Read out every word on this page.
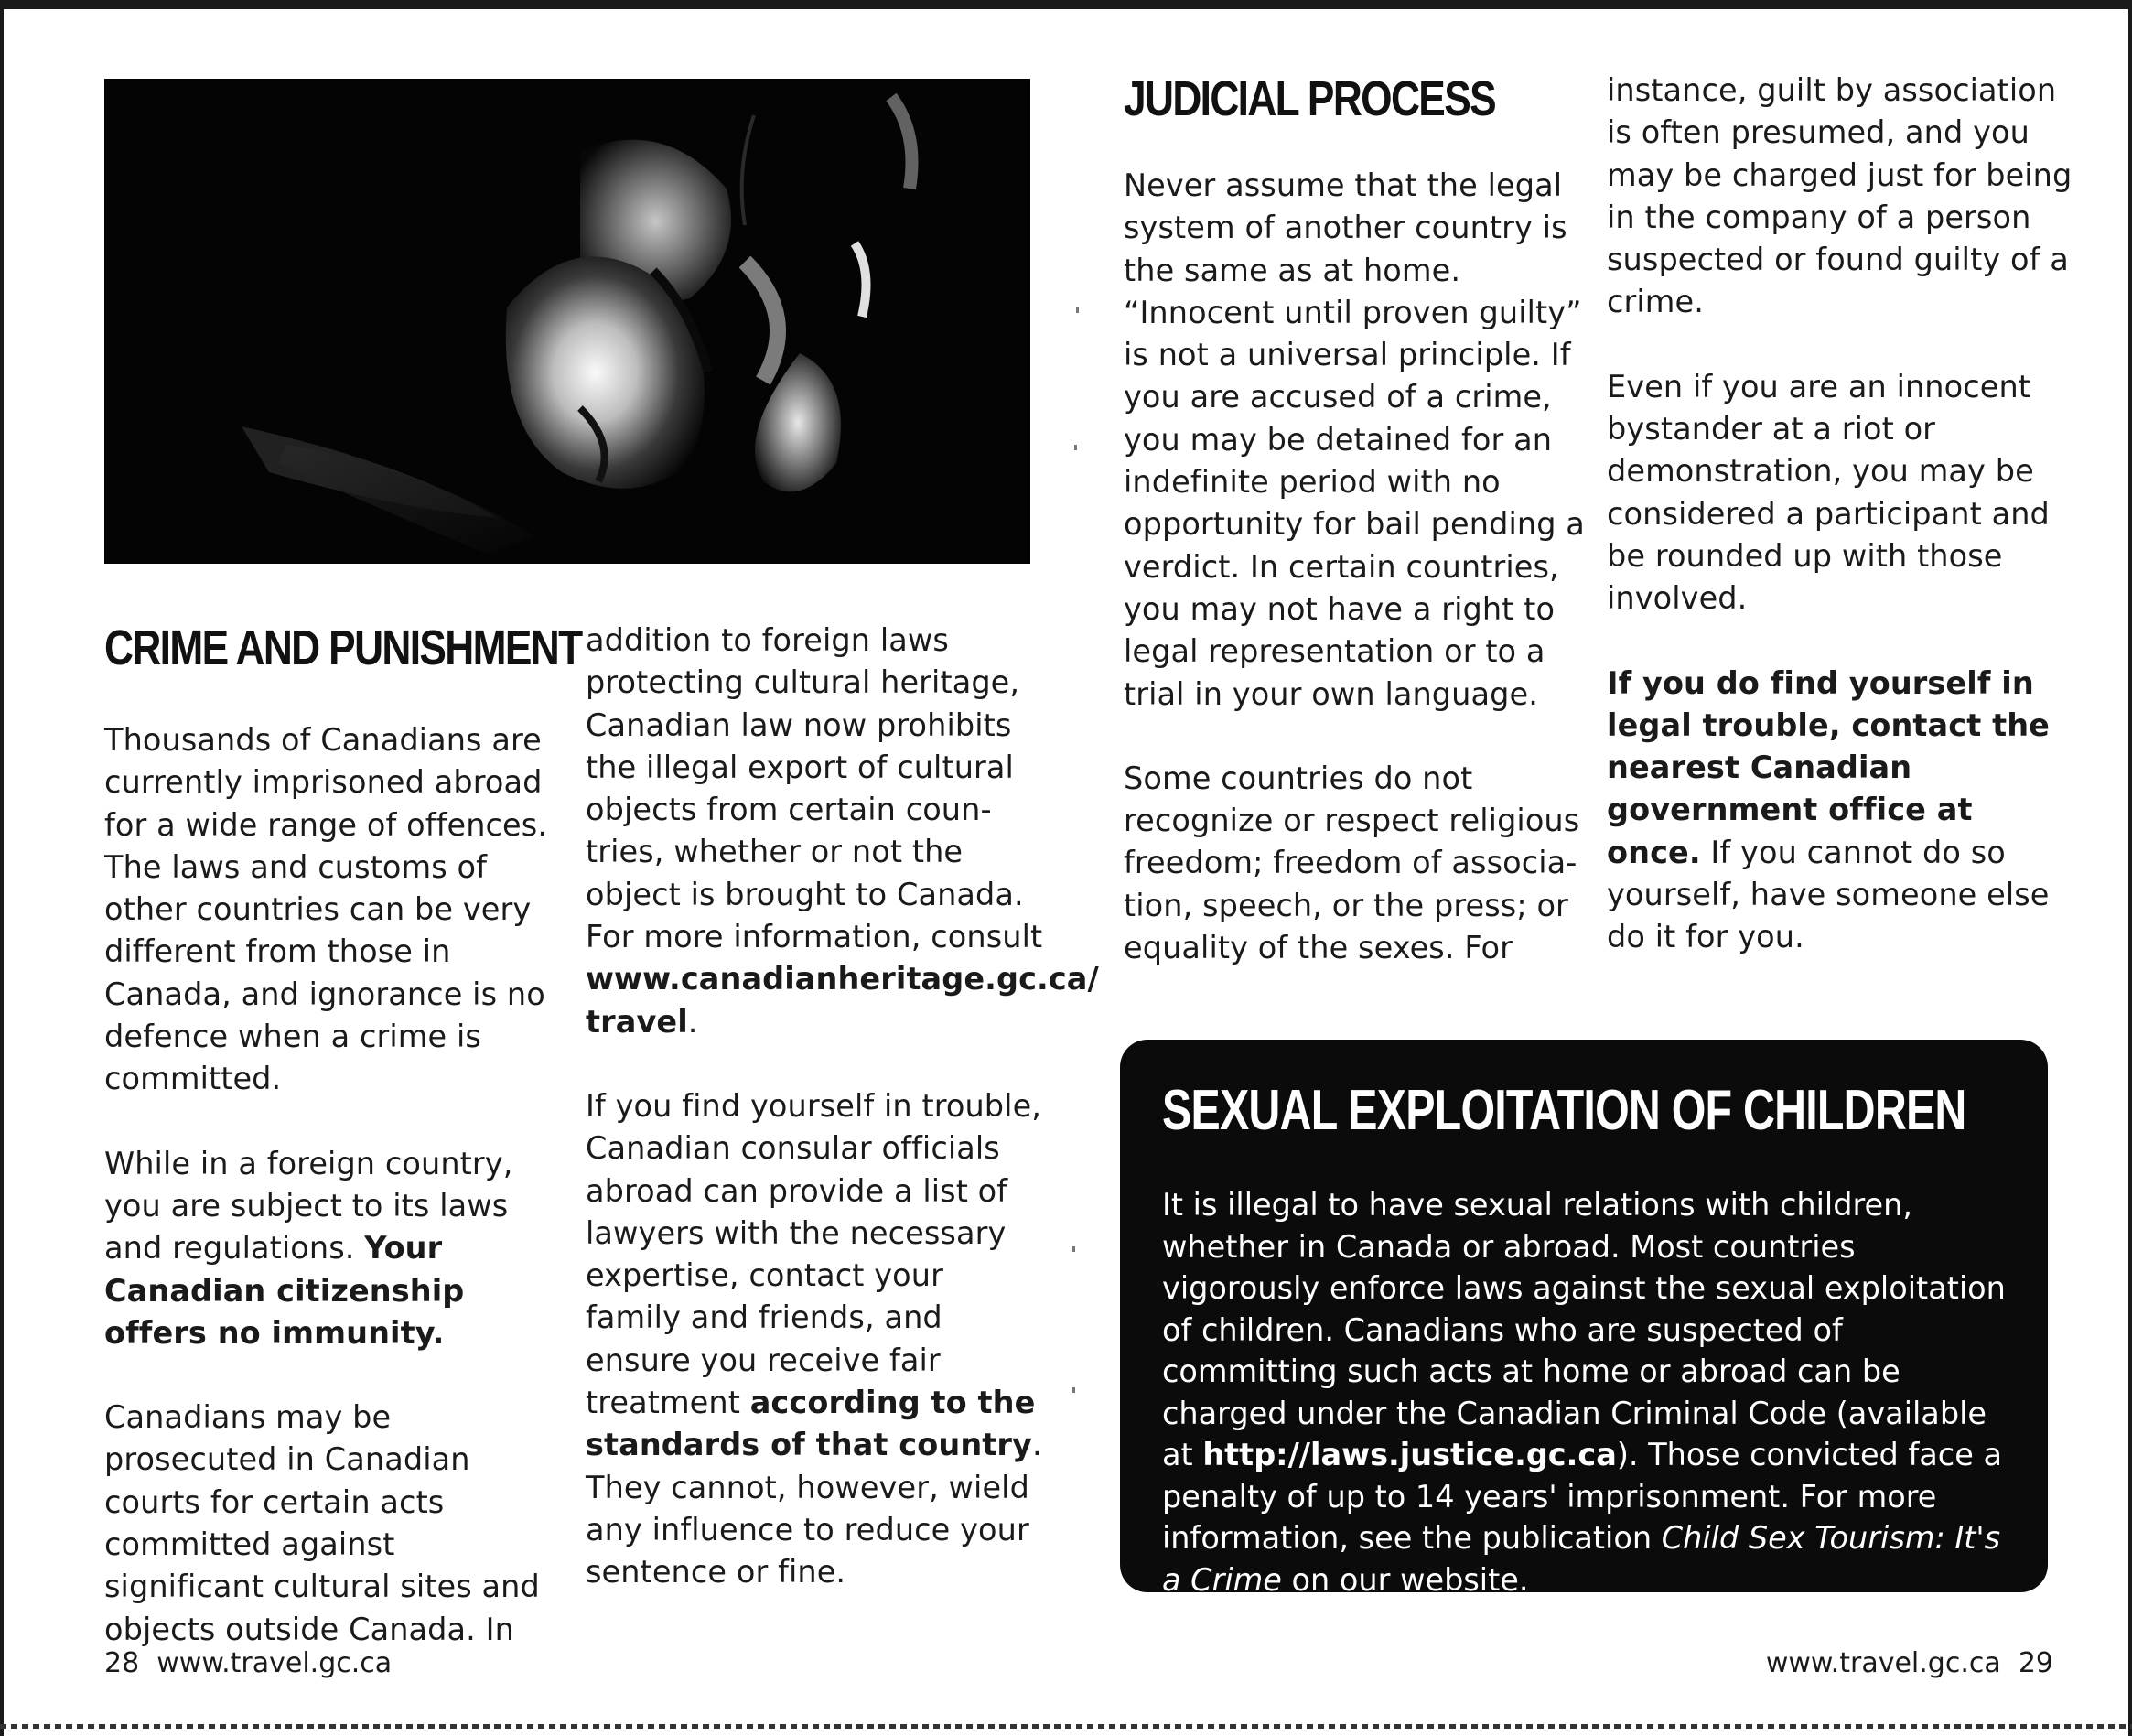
CRIME AND PUNISHMENT

Thousands of Canadians are currently imprisoned abroad for a wide range of offences. The laws and customs of other countries can be very different from those in Canada, and ignorance is no defence when a crime is committed.

While in a foreign country, you are subject to its laws and regulations. Your Canadian citizenship offers no immunity.

Canadians may be prosecuted in Canadian courts for certain acts committed against significant cultural sites and objects outside Canada. In

addition to foreign laws protecting cultural heritage, Canadian law now prohibits the illegal export of cultural objects from certain coun- tries, whether or not the object is brought to Canada. For more information, consult www.canadianheritage.gc.ca/ travel.

If you find yourself in trouble, Canadian consular officials abroad can provide a list of lawyers with the necessary expertise, contact your family and friends, and ensure you receive fair treatment according to the standards of that country. They cannot, however, wield any influence to reduce your sentence or fine.

28 www.travel.gc.ca
JUDICIAL PROCESS

Never assume that the legal system of another country is the same as at home. “Innocent until proven guilty” is not a universal principle. If you are accused of a crime, you may be detained for an indefinite period with no opportunity for bail pending a verdict. In certain countries, you may not have a right to legal representation or to a trial in your own language.

Some countries do not recognize or respect religious freedom; freedom of associa- tion, speech, or the press; or equality of the sexes. For

instance, guilt by association is often presumed, and you may be charged just for being in the company of a person suspected or found guilty of a crime.

Even if you are an innocent bystander at a riot or demonstration, you may be considered a participant and be rounded up with those involved.

If you do find yourself in legal trouble, contact the nearest Canadian government office at once. If you cannot do so yourself, have someone else do it for you.

SEXUAL EXPLOITATION OF CHILDREN
It is illegal to have sexual relations with children, whether in Canada or abroad. Most countries vigorously enforce laws against the sexual exploitation of children. Canadians who are suspected of committing such acts at home or abroad can be charged under the Canadian Criminal Code (available at http://laws.justice.gc.ca). Those convicted face a penalty of up to 14 years' imprisonment. For more information, see the publication Child Sex Tourism: It's a Crime on our website.
www.travel.gc.ca 29
